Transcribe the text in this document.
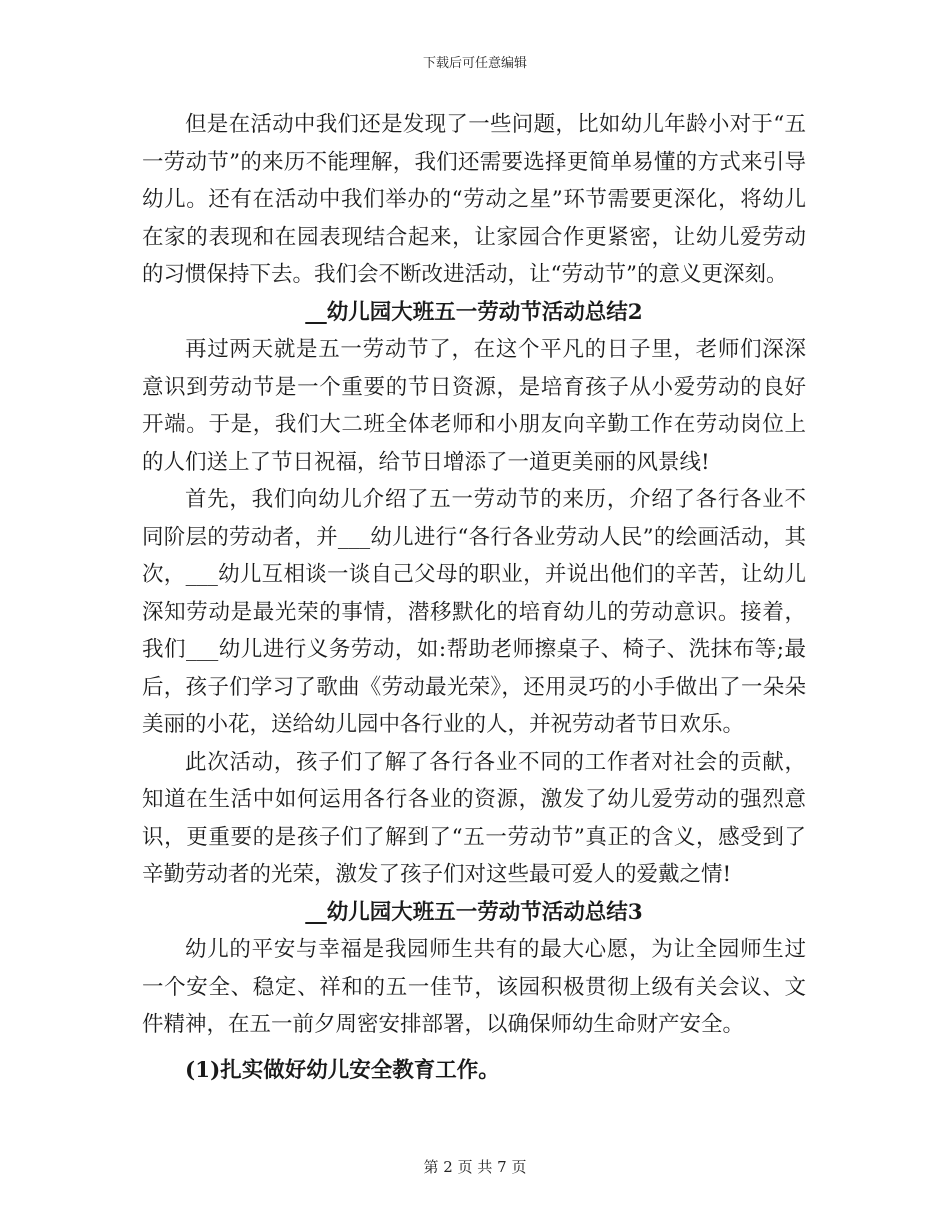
下载后可任意编辑

但是在活动中我们还是发现了一些问题，比如幼儿年龄小对于“五一劳动节”的来历不能理解，我们还需要选择更简单易懂的方式来引导幼儿。还有在活动中我们举办的“劳动之星”环节需要更深化，将幼儿在家的表现和在园表现结合起来，让家园合作更紧密，让幼儿爱劳动的习惯保持下去。我们会不断改进活动，让“劳动节”的意义更深刻。

__幼儿园大班五一劳动节活动总结2

再过两天就是五一劳动节了，在这个平凡的日子里，老师们深深意识到劳动节是一个重要的节日资源，是培育孩子从小爱劳动的良好开端。于是，我们大二班全体老师和小朋友向辛勤工作在劳动岗位上的人们送上了节日祝福，给节日增添了一道更美丽的风景线!

首先，我们向幼儿介绍了五一劳动节的来历，介绍了各行各业不同阶层的劳动者，并___幼儿进行“各行各业劳动人民”的绘画活动，其次，___幼儿互相谈一谈自己父母的职业，并说出他们的辛苦，让幼儿深知劳动是最光荣的事情，潜移默化的培育幼儿的劳动意识。接着，我们___幼儿进行义务劳动，如:帮助老师擦桌子、椅子、洗抹布等;最后，孩子们学习了歌曲《劳动最光荣》，还用灵巧的小手做出了一朵朵美丽的小花，送给幼儿园中各行业的人，并祝劳动者节日欢乐。

此次活动，孩子们了解了各行各业不同的工作者对社会的贡献，知道在生活中如何运用各行各业的资源，激发了幼儿爱劳动的强烈意识，更重要的是孩子们了解到了“五一劳动节”真正的含义，感受到了辛勤劳动者的光荣，激发了孩子们对这些最可爱人的爱戴之情!

__幼儿园大班五一劳动节活动总结3

幼儿的平安与幸福是我园师生共有的最大心愿，为让全园师生过一个安全、稳定、祥和的五一佳节，该园积极贯彻上级有关会议、文件精神，在五一前夕周密安排部署，以确保师幼生命财产安全。

(1)扎实做好幼儿安全教育工作。

第 2 页 共 7 页
